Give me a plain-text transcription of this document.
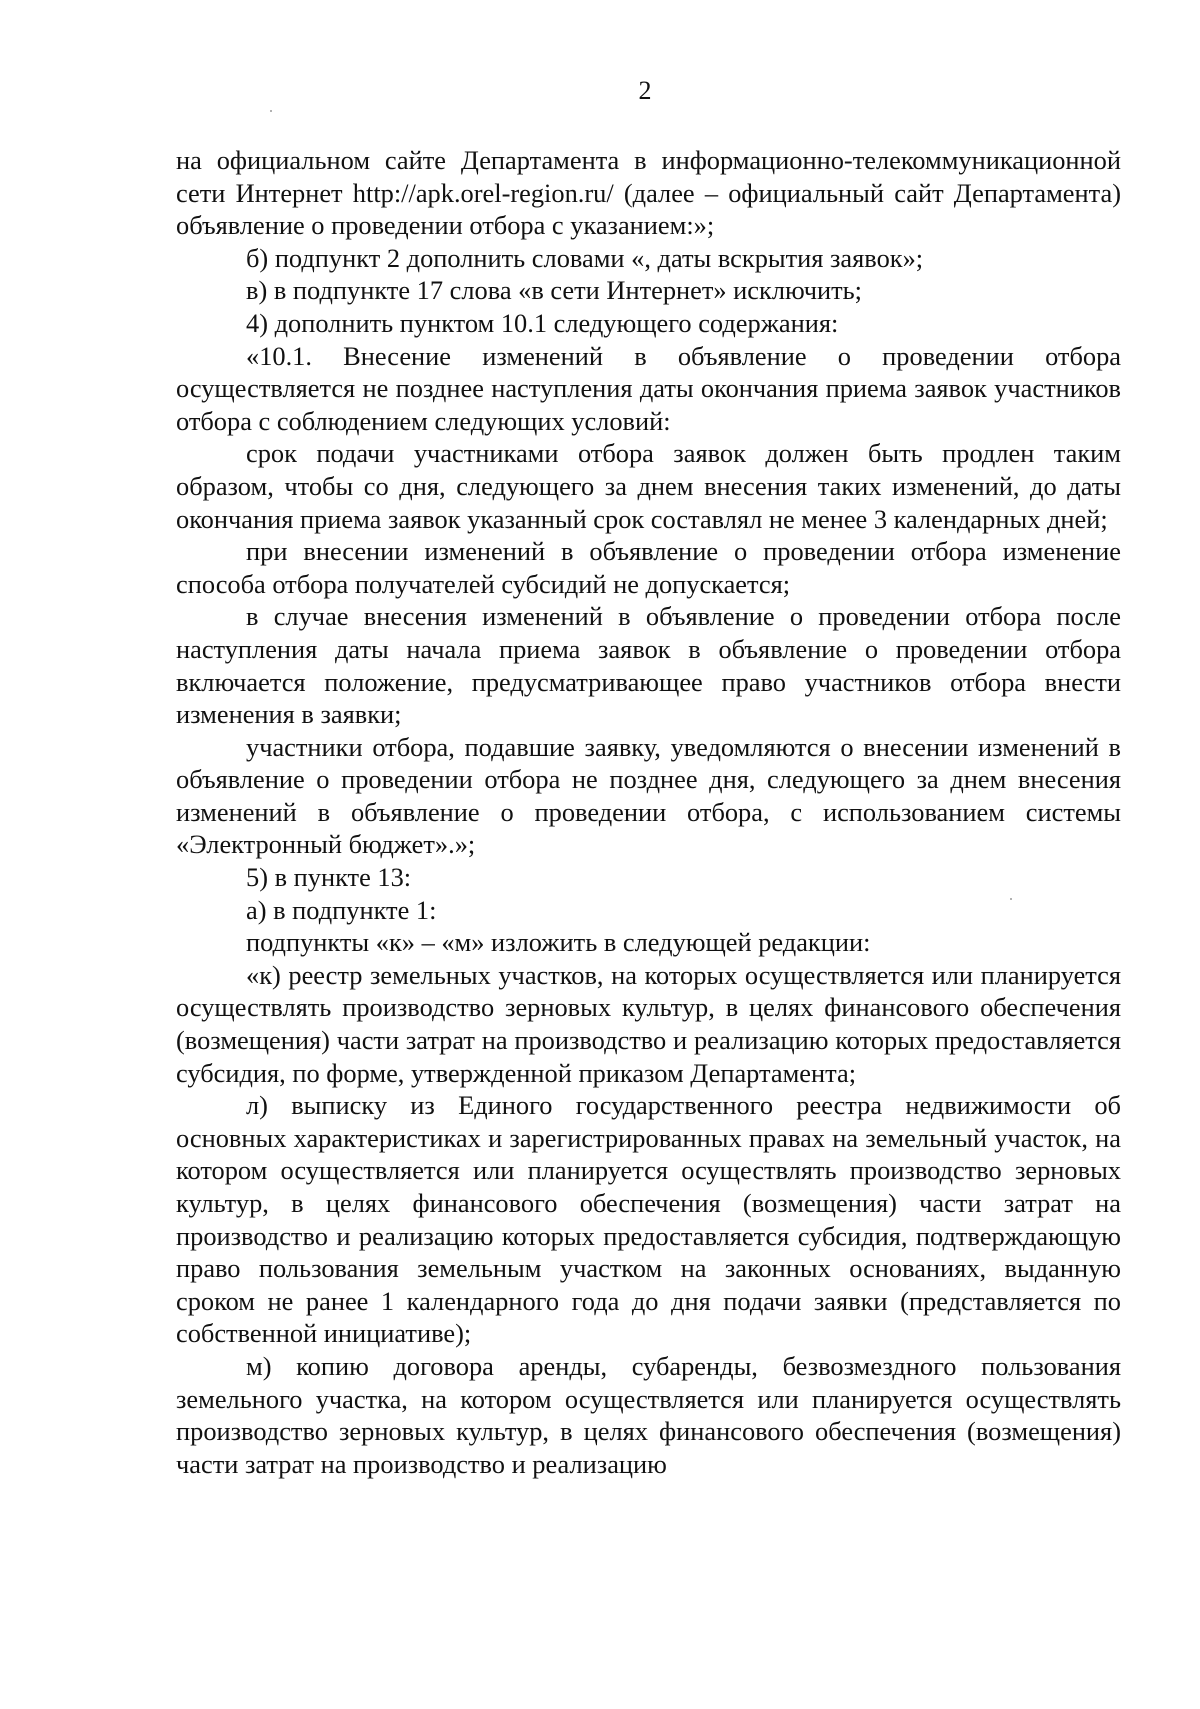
2

на официальном сайте Департамента в информационно-телекоммуникационной сети Интернет http://apk.orel-region.ru/ (далее – официальный сайт Департамента) объявление о проведении отбора с указанием:»;

б) подпункт 2 дополнить словами «, даты вскрытия заявок»;

в) в подпункте 17 слова «в сети Интернет» исключить;

4) дополнить пунктом 10.1 следующего содержания:

«10.1. Внесение изменений в объявление о проведении отбора осуществляется не позднее наступления даты окончания приема заявок участников отбора с соблюдением следующих условий:

срок подачи участниками отбора заявок должен быть продлен таким образом, чтобы со дня, следующего за днем внесения таких изменений, до даты окончания приема заявок указанный срок составлял не менее 3 календарных дней;

при внесении изменений в объявление о проведении отбора изменение способа отбора получателей субсидий не допускается;

в случае внесения изменений в объявление о проведении отбора после наступления даты начала приема заявок в объявление о проведении отбора включается положение, предусматривающее право участников отбора внести изменения в заявки;

участники отбора, подавшие заявку, уведомляются о внесении изменений в объявление о проведении отбора не позднее дня, следующего за днем внесения изменений в объявление о проведении отбора, с использованием системы «Электронный бюджет».»;

5) в пункте 13:

а) в подпункте 1:

подпункты «к» – «м» изложить в следующей редакции:

«к) реестр земельных участков, на которых осуществляется или планируется осуществлять производство зерновых культур, в целях финансового обеспечения (возмещения) части затрат на производство и реализацию которых предоставляется субсидия, по форме, утвержденной приказом Департамента;

л) выписку из Единого государственного реестра недвижимости об основных характеристиках и зарегистрированных правах на земельный участок, на котором осуществляется или планируется осуществлять производство зерновых культур, в целях финансового обеспечения (возмещения) части затрат на производство и реализацию которых предоставляется субсидия, подтверждающую право пользования земельным участком на законных основаниях, выданную сроком не ранее 1 календарного года до дня подачи заявки (представляется по собственной инициативе);

м) копию договора аренды, субаренды, безвозмездного пользования земельного участка, на котором осуществляется или планируется осуществлять производство зерновых культур, в целях финансового обеспечения (возмещения) части затрат на производство и реализацию
